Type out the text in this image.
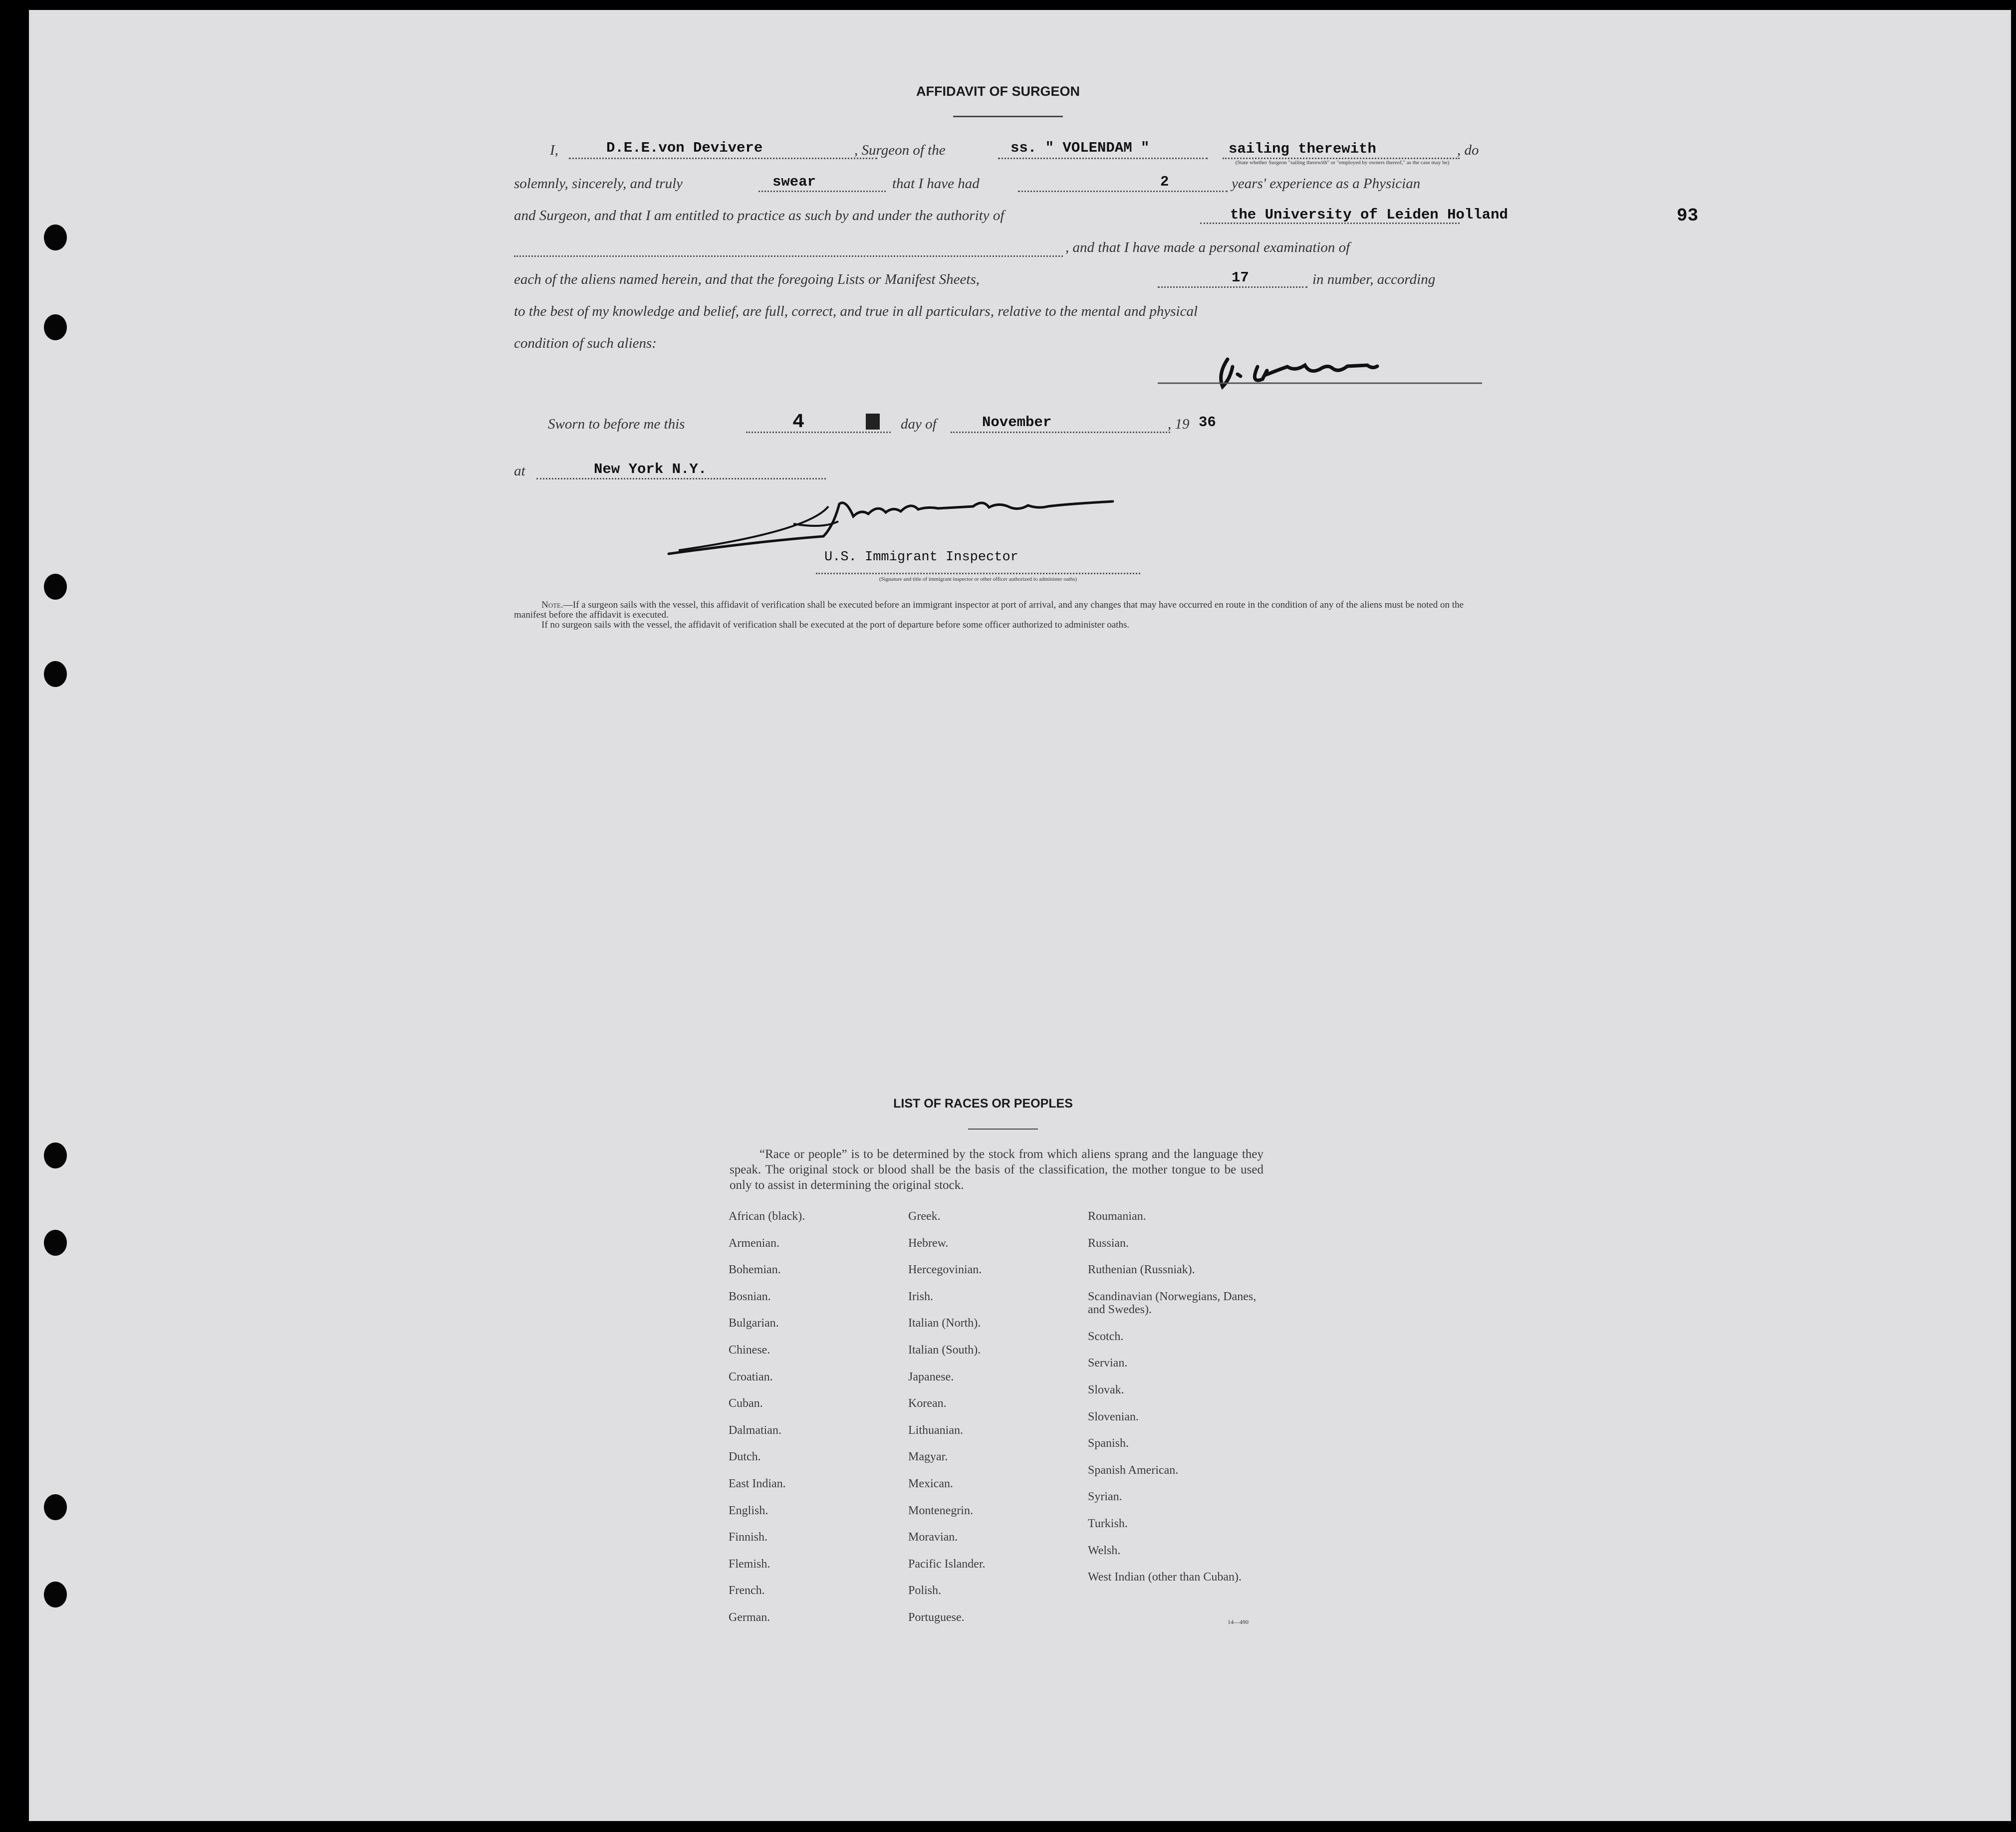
AFFIDAVIT OF SURGEON
I,	D.E.E.von Devivere	, Surgeon of the	ss. " VOLENDAM "	sailing therewith	, do
(State whether Surgeon "sailing therewith" or "employed by owners thereof," as the case may be)
solemnly, sincerely, and truly	swear	that I have had	2	years' experience as a Physician
and Surgeon, and that I am entitled to practice as such by and under the authority of	the University of Leiden Holland	93
, and that I have made a personal examination of
each of the aliens named herein, and that the foregoing Lists or Manifest Sheets,	17	in number, according
to the best of my knowledge and belief, are full, correct, and true in all particulars, relative to the mental and physical
condition of such aliens:
Sworn to before me this	4	day of	November	, 19 36
at	New York N.Y.
U.S. Immigrant Inspector
(Signature and title of immigrant inspector or other officer authorized to administer oaths)
Note.—If a surgeon sails with the vessel, this affidavit of verification shall be executed before an immigrant inspector at port of arrival, and any changes that may have occurred en route in the condition of any of the aliens must be noted on the manifest before the affidavit is executed.
If no surgeon sails with the vessel, the affidavit of verification shall be executed at the port of departure before some officer authorized to administer oaths.
LIST OF RACES OR PEOPLES
“Race or people” is to be determined by the stock from which aliens sprang and the language they speak. The original stock or blood shall be the basis of the classification, the mother tongue to be used only to assist in determining the original stock.
African (black).
Armenian.
Bohemian.
Bosnian.
Bulgarian.
Chinese.
Croatian.
Cuban.
Dalmatian.
Dutch.
East Indian.
English.
Finnish.
Flemish.
French.
German.
Greek.
Hebrew.
Hercegovinian.
Irish.
Italian (North).
Italian (South).
Japanese.
Korean.
Lithuanian.
Magyar.
Mexican.
Montenegrin.
Moravian.
Pacific Islander.
Polish.
Portuguese.
Roumanian.
Russian.
Ruthenian (Russniak).
Scandinavian (Norwegians, Danes, and Swedes).
Scotch.
Servian.
Slovak.
Slovenian.
Spanish.
Spanish American.
Syrian.
Turkish.
Welsh.
West Indian (other than Cuban).
14—490
